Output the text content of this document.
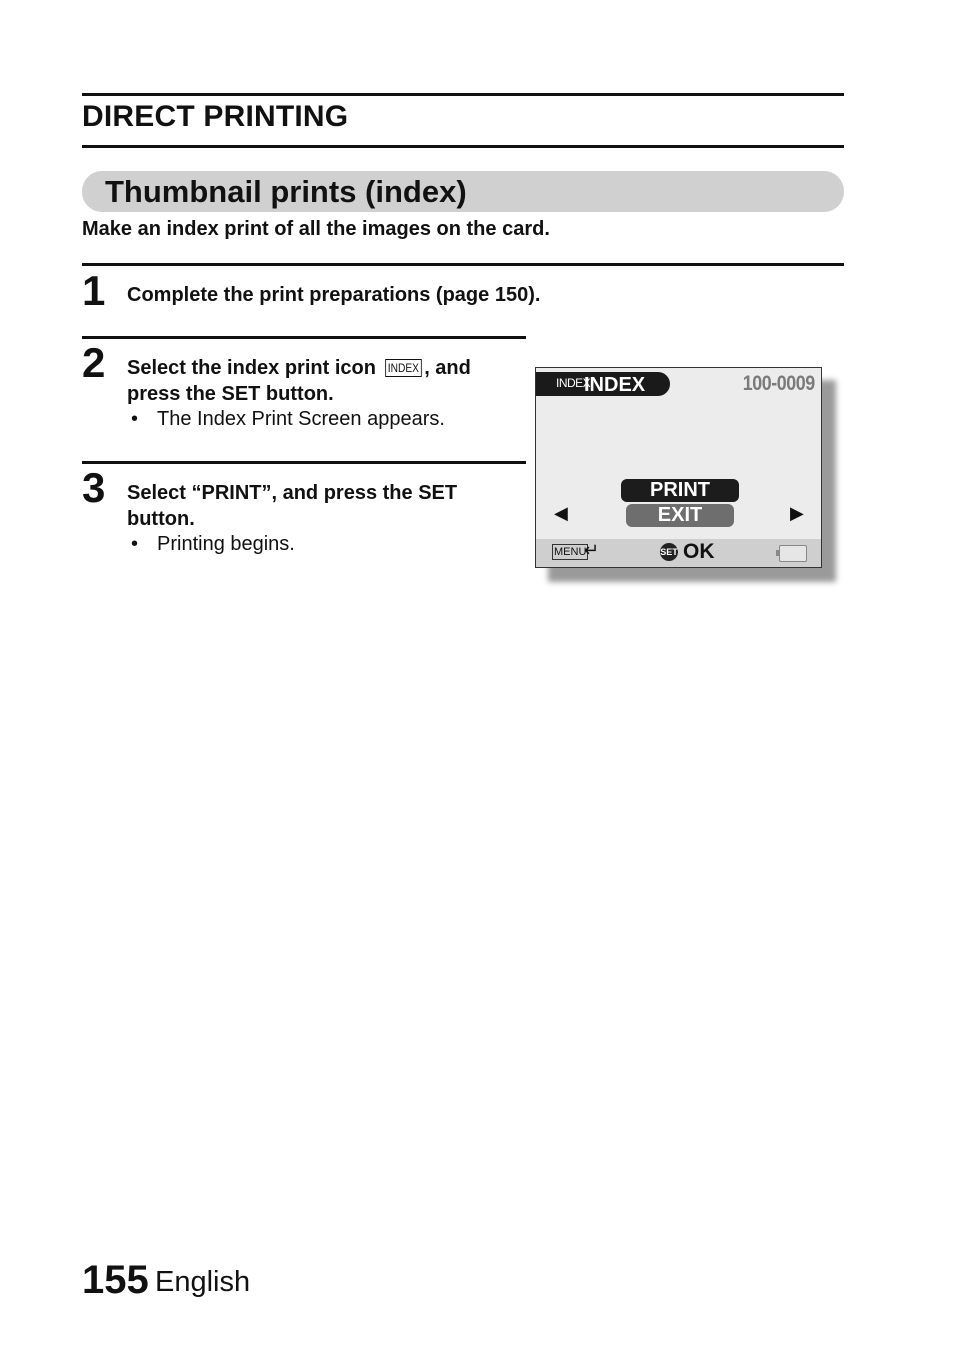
DIRECT PRINTING
Thumbnail prints (index)
Make an index print of all the images on the card.
1 Complete the print preparations (page 150).
2 Select the index print icon INDEX , and
press the SET button.
• The Index Print Screen appears.
3 Select “PRINT”, and press the SET
button.
• Printing begins.
INDEX
INDEX	100-0009
PRINT
EXIT
◀	▶
MENU
↵	SET OK
155 English
